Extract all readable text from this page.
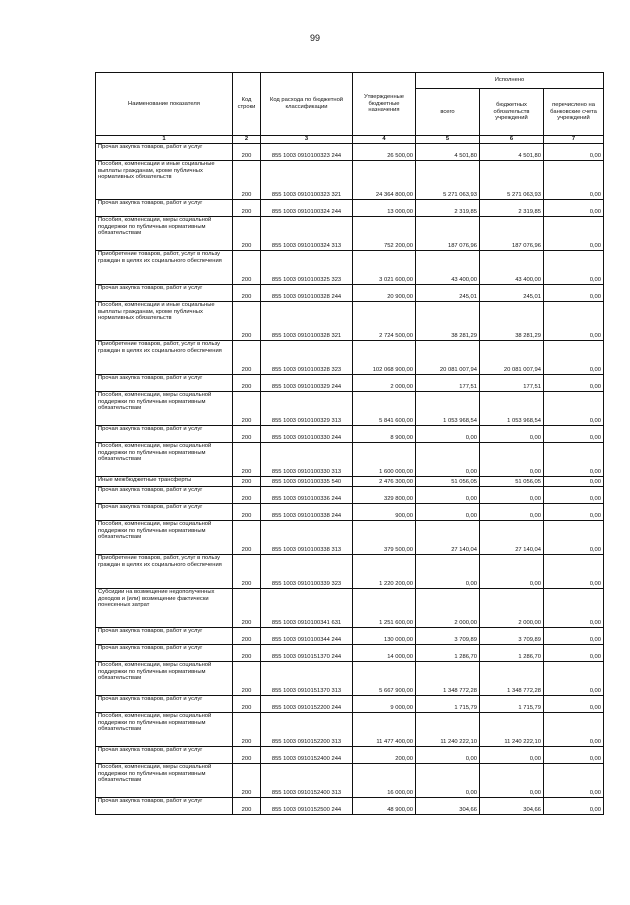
99
Наименование показателя	Код строки	Код расхода по бюджетной классификации	Утвержденные бюджетные назначения	Исполнено		
				всего	бюджетных обязательств учреждений	перечислено на банковские счета учреждений
1	2	3	4	5	6	7
Прочая закупка товаров, работ и услуг	200	855 1003 0910100323 244	26 500,00	4 501,80	4 501,80	0,00
Пособия, компенсации и иные социальные выплаты гражданам, кроме публичных нормативных обязательств	200	855 1003 0910100323 321	24 364 800,00	5 271 063,93	5 271 063,93	0,00
Прочая закупка товаров, работ и услуг	200	855 1003 0910100324 244	13 000,00	2 319,85	2 319,85	0,00
Пособия, компенсации, меры социальной поддержки по публичным нормативным обязательствам	200	855 1003 0910100324 313	752 200,00	187 076,96	187 076,96	0,00
Приобретение товаров, работ, услуг в пользу граждан в целях их социального обеспечения	200	855 1003 0910100325 323	3 021 600,00	43 400,00	43 400,00	0,00
Прочая закупка товаров, работ и услуг	200	855 1003 0910100328 244	20 900,00	245,01	245,01	0,00
Пособия, компенсации и иные социальные выплаты гражданам, кроме публичных нормативных обязательств	200	855 1003 0910100328 321	2 724 500,00	38 281,29	38 281,29	0,00
Приобретение товаров, работ, услуг в пользу граждан в целях их социального обеспечения	200	855 1003 0910100328 323	102 068 900,00	20 081 007,94	20 081 007,94	0,00
Прочая закупка товаров, работ и услуг	200	855 1003 0910100329 244	2 000,00	177,51	177,51	0,00
Пособия, компенсации, меры социальной поддержки по публичным нормативным обязательствам	200	855 1003 0910100329 313	5 841 600,00	1 053 968,54	1 053 968,54	0,00
Прочая закупка товаров, работ и услуг	200	855 1003 0910100330 244	8 900,00	0,00	0,00	0,00
Пособия, компенсации, меры социальной поддержки по публичным нормативным обязательствам	200	855 1003 0910100330 313	1 600 000,00	0,00	0,00	0,00
Иные межбюджетные трансферты	200	855 1003 0910100335 540	2 476 300,00	51 056,05	51 056,05	0,00
Прочая закупка товаров, работ и услуг	200	855 1003 0910100336 244	329 800,00	0,00	0,00	0,00
Прочая закупка товаров, работ и услуг	200	855 1003 0910100338 244	900,00	0,00	0,00	0,00
Пособия, компенсации, меры социальной поддержки по публичным нормативным обязательствам	200	855 1003 0910100338 313	379 500,00	27 140,04	27 140,04	0,00
Приобретение товаров, работ, услуг в пользу граждан в целях их социального обеспечения	200	855 1003 0910100339 323	1 220 200,00	0,00	0,00	0,00
Субсидии на возмещение недополученных доходов и (или) возмещение фактически понесенных затрат	200	855 1003 0910100341 631	1 251 600,00	2 000,00	2 000,00	0,00
Прочая закупка товаров, работ и услуг	200	855 1003 0910100344 244	130 000,00	3 709,89	3 709,89	0,00
Прочая закупка товаров, работ и услуг	200	855 1003 0910151370 244	14 000,00	1 286,70	1 286,70	0,00
Пособия, компенсации, меры социальной поддержки по публичным нормативным обязательствам	200	855 1003 0910151370 313	5 667 900,00	1 348 772,28	1 348 772,28	0,00
Прочая закупка товаров, работ и услуг	200	855 1003 0910152200 244	9 000,00	1 715,79	1 715,79	0,00
Пособия, компенсации, меры социальной поддержки по публичным нормативным обязательствам	200	855 1003 0910152200 313	11 477 400,00	11 240 222,10	11 240 222,10	0,00
Прочая закупка товаров, работ и услуг	200	855 1003 0910152400 244	200,00	0,00	0,00	0,00
Пособия, компенсации, меры социальной поддержки по публичным нормативным обязательствам	200	855 1003 0910152400 313	16 000,00	0,00	0,00	0,00
Прочая закупка товаров, работ и услуг	200	855 1003 0910152500 244	48 900,00	304,66	304,66	0,00
